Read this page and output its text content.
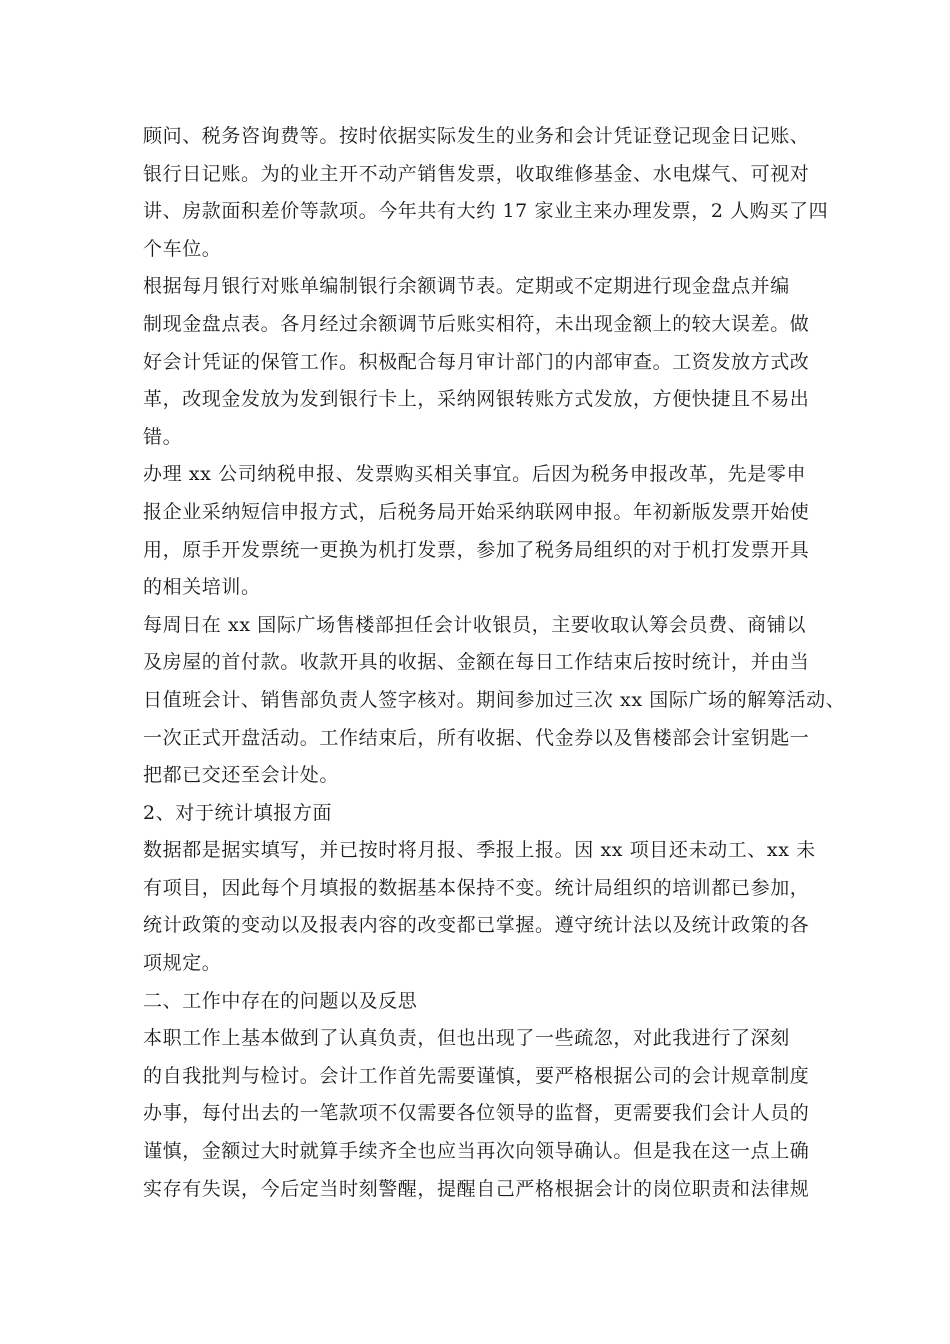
顾问、税务咨询费等。按时依据实际发生的业务和会计凭证登记现金日记账、
银行日记账。为的业主开不动产销售发票，收取维修基金、水电煤气、可视对
讲、房款面积差价等款项。今年共有大约 17 家业主来办理发票，2 人购买了四
个车位。
根据每月银行对账单编制银行余额调节表。定期或不定期进行现金盘点并编
制现金盘点表。各月经过余额调节后账实相符，未出现金额上的较大误差。做
好会计凭证的保管工作。积极配合每月审计部门的内部审查。工资发放方式改
革，改现金发放为发到银行卡上，采纳网银转账方式发放，方便快捷且不易出
错。
办理 xx 公司纳税申报、发票购买相关事宜。后因为税务申报改革，先是零申
报企业采纳短信申报方式，后税务局开始采纳联网申报。年初新版发票开始使
用，原手开发票统一更换为机打发票，参加了税务局组织的对于机打发票开具
的相关培训。
每周日在 xx 国际广场售楼部担任会计收银员，主要收取认筹会员费、商铺以
及房屋的首付款。收款开具的收据、金额在每日工作结束后按时统计，并由当
日值班会计、销售部负责人签字核对。期间参加过三次 xx 国际广场的解筹活动、
一次正式开盘活动。工作结束后，所有收据、代金券以及售楼部会计室钥匙一
把都已交还至会计处。
2、对于统计填报方面
数据都是据实填写，并已按时将月报、季报上报。因 xx 项目还未动工、xx 未
有项目，因此每个月填报的数据基本保持不变。统计局组织的培训都已参加，
统计政策的变动以及报表内容的改变都已掌握。遵守统计法以及统计政策的各
项规定。
二、工作中存在的问题以及反思
本职工作上基本做到了认真负责，但也出现了一些疏忽，对此我进行了深刻
的自我批判与检讨。会计工作首先需要谨慎，要严格根据公司的会计规章制度
办事，每付出去的一笔款项不仅需要各位领导的监督，更需要我们会计人员的
谨慎，金额过大时就算手续齐全也应当再次向领导确认。但是我在这一点上确
实存有失误，今后定当时刻警醒，提醒自己严格根据会计的岗位职责和法律规
